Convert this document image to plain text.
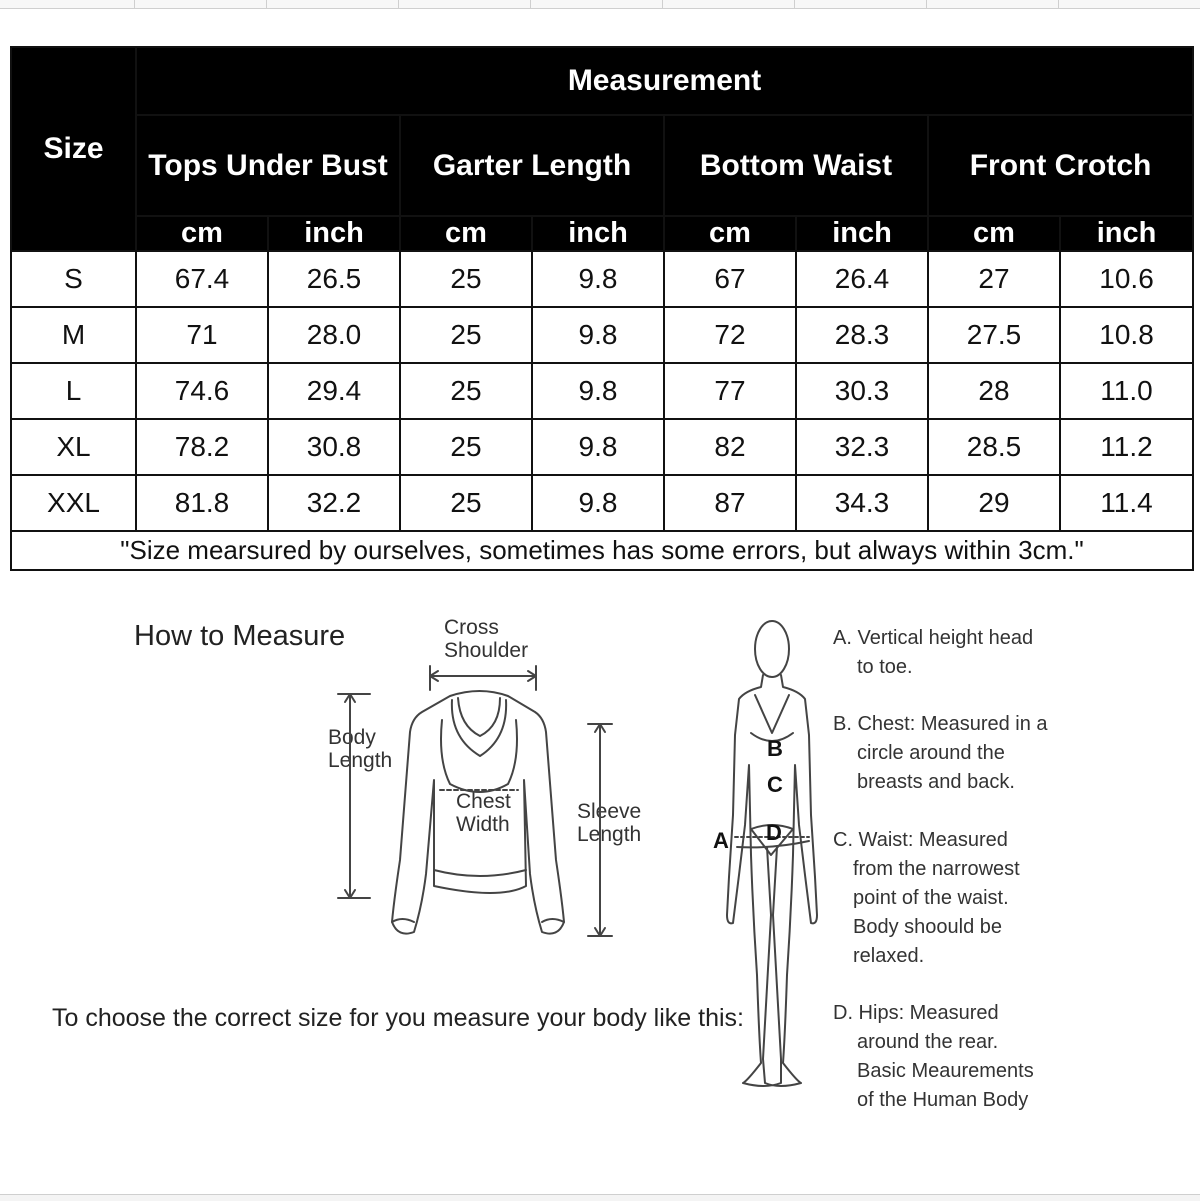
Size	Measurement							
	Tops Under Bust		Garter Length		Bottom Waist		Front Crotch	
	cm	inch	cm	inch	cm	inch	cm	inch
S	67.4	26.5	25	9.8	67	26.4	27	10.6
M	71	28.0	25	9.8	72	28.3	27.5	10.8
L	74.6	29.4	25	9.8	77	30.3	28	11.0
XL	78.2	30.8	25	9.8	82	32.3	28.5	11.2
XXL	81.8	32.2	25	9.8	87	34.3	29	11.4
"Size mearsured by ourselves, sometimes has some errors, but always within 3cm."								
How to Measure	Cross
Shoulder
Body
Length
Chest
Width
Sleeve
Length
To choose the correct size for you measure your body like this:
B
C
D
A
A. Vertical height head
to toe.
B. Chest: Measured in a
circle around the
breasts and back.
C. Waist: Measured
from the narrowest
point of the waist.
Body shoould be
relaxed.
D. Hips: Measured
around the rear.
Basic Meaurements
of the Human Body
